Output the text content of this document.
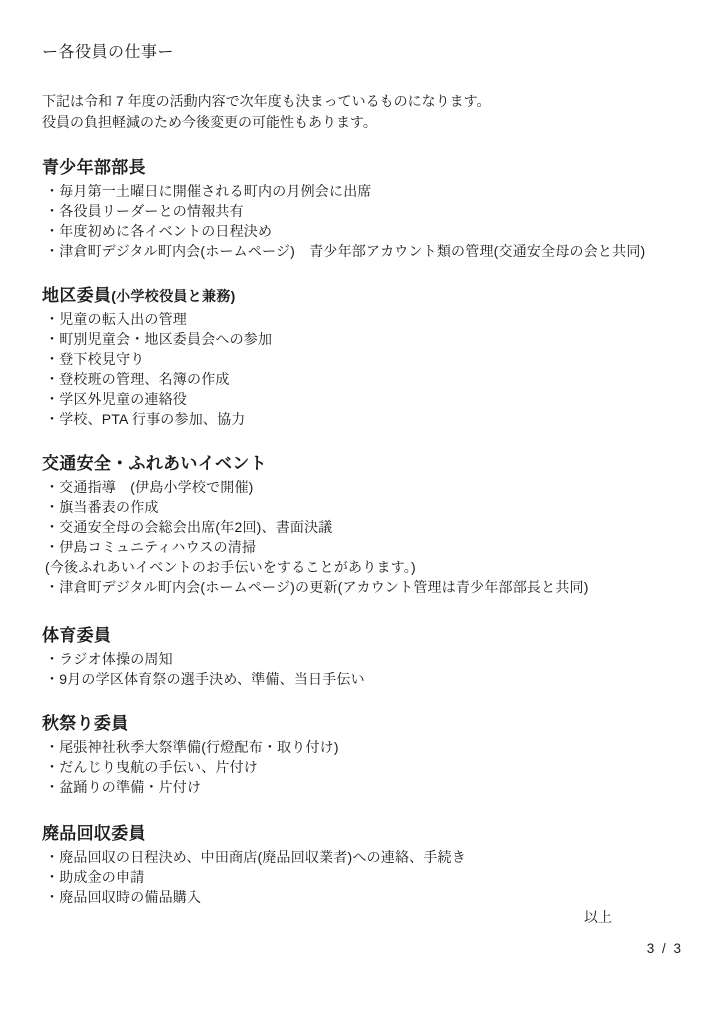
ー各役員の仕事ー

下記は令和 7 年度の活動内容で次年度も決まっているものになります。

役員の負担軽減のため今後変更の可能性もあります。

青少年部部長

・毎月第一土曜日に開催される町内の月例会に出席

・各役員リーダーとの情報共有

・年度初めに各イベントの日程決め

・津倉町デジタル町内会(ホームページ)　青少年部アカウント類の管理(交通安全母の会と共同)

地区委員(小学校役員と兼務)

・児童の転入出の管理

・町別児童会・地区委員会への参加

・登下校見守り

・登校班の管理、名簿の作成

・学区外児童の連絡役

・学校、PTA 行事の参加、協力

交通安全・ふれあいイベント

・交通指導　(伊島小学校で開催)

・旗当番表の作成

・交通安全母の会総会出席(年2回)、書面決議

・伊島コミュニティハウスの清掃

(今後ふれあいイベントのお手伝いをすることがあります。)

・津倉町デジタル町内会(ホームページ)の更新(アカウント管理は青少年部部長と共同)

体育委員

・ラジオ体操の周知

・9月の学区体育祭の選手決め、準備、当日手伝い

秋祭り委員

・尾張神社秋季大祭準備(行燈配布・取り付け)

・だんじり曳航の手伝い、片付け

・盆踊りの準備・片付け

廃品回収委員

・廃品回収の日程決め、中田商店(廃品回収業者)への連絡、手続き

・助成金の申請

・廃品回収時の備品購入

以上
3 / 3
